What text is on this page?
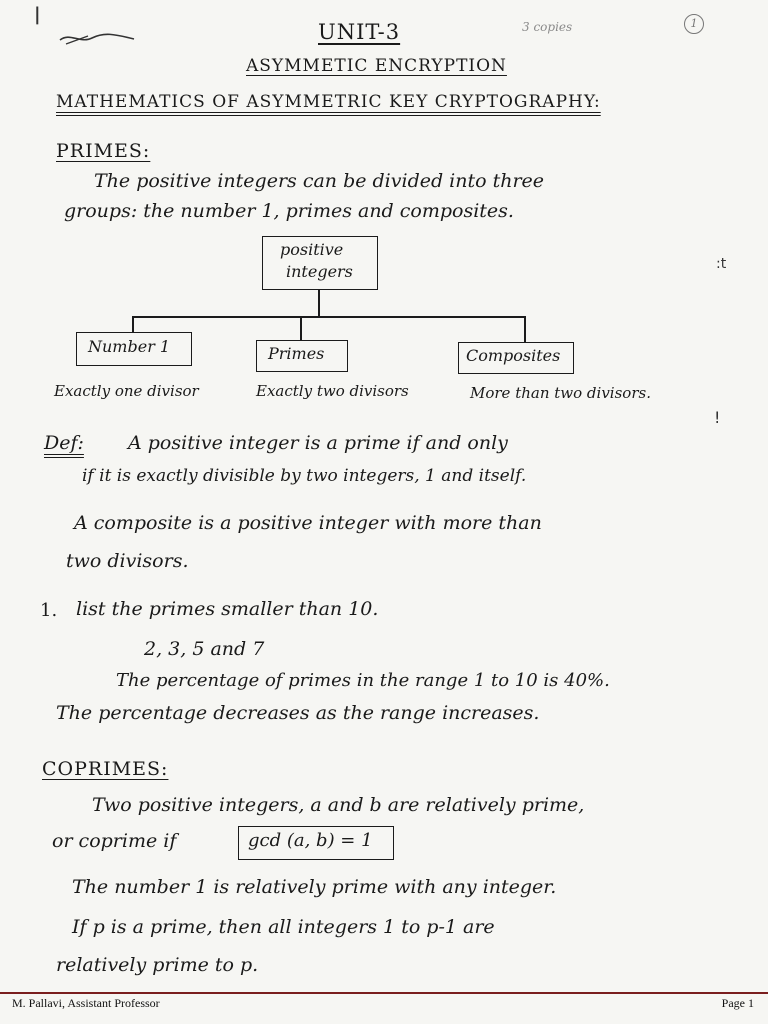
|
:t
!
UNIT-3	3 copies	1
ASYMMETIC ENCRYPTION
MATHEMATICS OF ASYMMETRIC KEY CRYPTOGRAPHY:
PRIMES:
The positive integers can be divided into three
groups: the number 1, primes and composites.
positive
integers
Number 1	Primes	Composites
Exactly one divisor	Exactly two divisors	More than two divisors.
Def: A positive integer is a prime if and only
if it is exactly divisible by two integers, 1 and itself.
A composite is a positive integer with more than
two divisors.
1. list the primes smaller than 10.
2, 3, 5 and 7
The percentage of primes in the range 1 to 10 is 40%.
The percentage decreases as the range increases.
COPRIMES:
Two positive integers, a and b are relatively prime,
or coprime if	gcd (a, b) = 1
The number 1 is relatively prime with any integer.
If p is a prime, then all integers 1 to p-1 are
relatively prime to p.
M. Pallavi, Assistant Professor	Page 1
